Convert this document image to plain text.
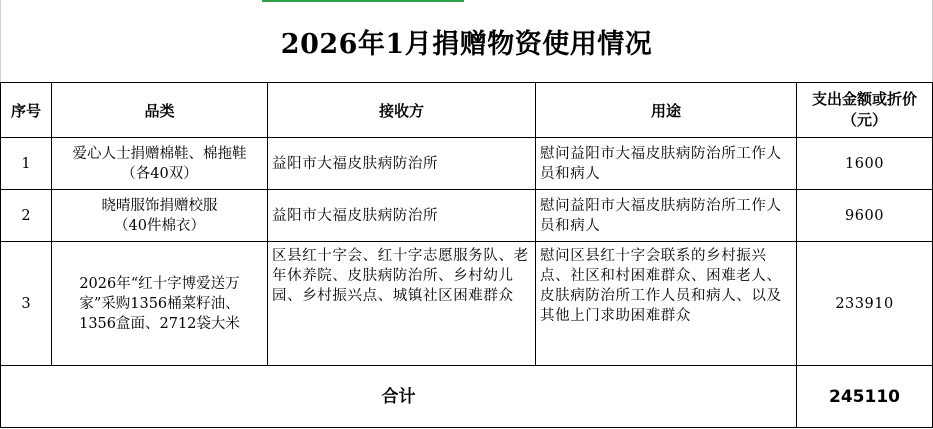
2026年1月捐赠物资使用情况
序号	品类	接收方	用途	支出金额或折价（元）
1	爱心人士捐赠棉鞋、棉拖鞋（各40双）	益阳市大福皮肤病防治所	慰问益阳市大福皮肤病防治所工作人员和病人	1600
2	晓晴服饰捐赠校服（40件棉衣）	益阳市大福皮肤病防治所	慰问益阳市大福皮肤病防治所工作人员和病人	9600
3	2026年“红十字博爱送万家”采购1356桶菜籽油、1356盒面、2712袋大米	区县红十字会、红十字志愿服务队、老年休养院、皮肤病防治所、乡村幼儿园、乡村振兴点、城镇社区困难群众	慰问区县红十字会联系的乡村振兴点、社区和村困难群众、困难老人、皮肤病防治所工作人员和病人、以及其他上门求助困难群众	233910
合计				245110
